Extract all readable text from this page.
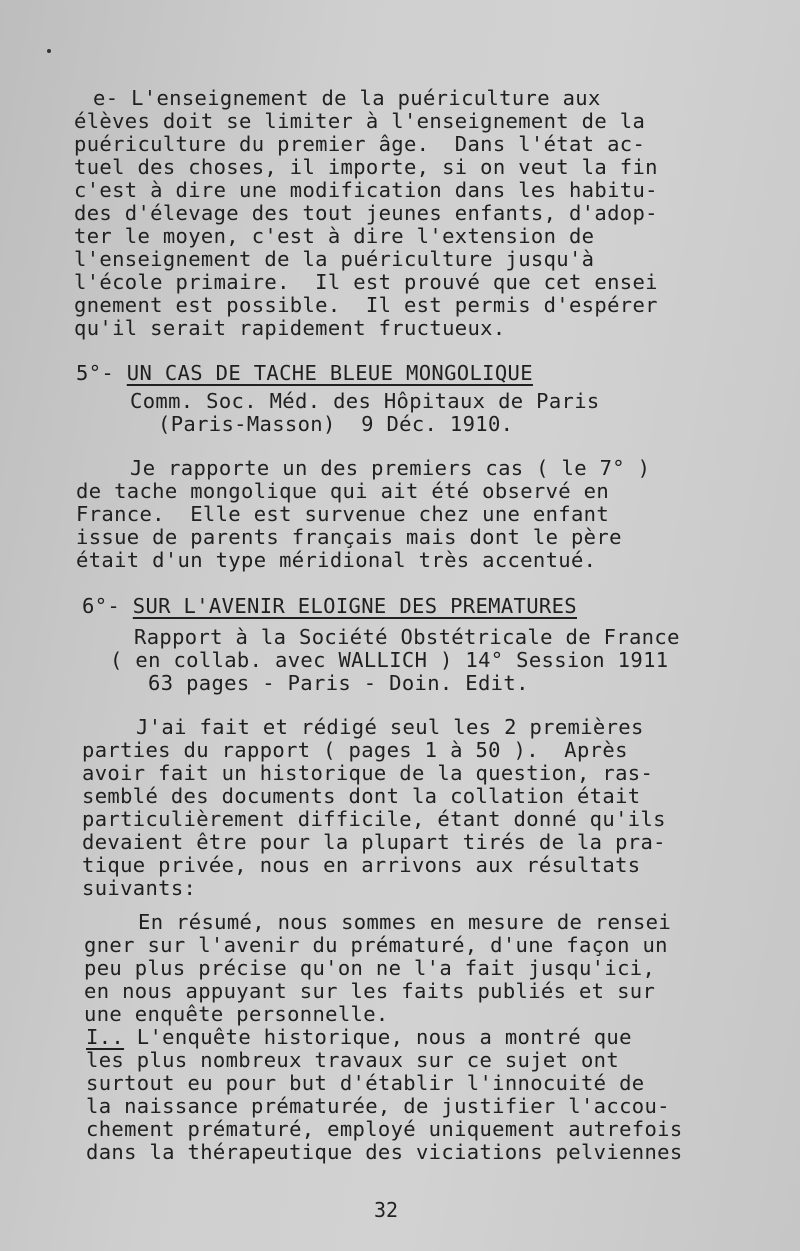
e- L'enseignement de la puériculture aux
élèves doit se limiter à l'enseignement de la
puériculture du premier âge.  Dans l'état ac-
tuel des choses, il importe, si on veut la fin
c'est à dire une modification dans les habitu-
des d'élevage des tout jeunes enfants, d'adop-
ter le moyen, c'est à dire l'extension de
l'enseignement de la puériculture jusqu'à
l'école primaire.  Il est prouvé que cet ensei
gnement est possible.  Il est permis d'espérer
qu'il serait rapidement fructueux.
5°- UN CAS DE TACHE BLEUE MONGOLIQUE
Comm. Soc. Méd. des Hôpitaux de Paris
(Paris-Masson)  9 Déc. 1910.
Je rapporte un des premiers cas ( le 7° )
de tache mongolique qui ait été observé en
France.  Elle est survenue chez une enfant
issue de parents français mais dont le père
était d'un type méridional très accentué.
6°- SUR L'AVENIR ELOIGNE DES PREMATURES
Rapport à la Société Obstétricale de France
( en collab. avec WALLICH ) 14° Session 1911
63 pages - Paris - Doin. Edit.
J'ai fait et rédigé seul les 2 premières
parties du rapport ( pages 1 à 50 ).  Après
avoir fait un historique de la question, ras-
semblé des documents dont la collation était
particulièrement difficile, étant donné qu'ils
devaient être pour la plupart tirés de la pra-
tique privée, nous en arrivons aux résultats
suivants:
En résumé, nous sommes en mesure de rensei
gner sur l'avenir du prématuré, d'une façon un
peu plus précise qu'on ne l'a fait jusqu'ici,
en nous appuyant sur les faits publiés et sur
une enquête personnelle.
I.. L'enquête historique, nous a montré que
les plus nombreux travaux sur ce sujet ont
surtout eu pour but d'établir l'innocuité de
la naissance prématurée, de justifier l'accou-
chement prématuré, employé uniquement autrefois
dans la thérapeutique des viciations pelviennes
32
